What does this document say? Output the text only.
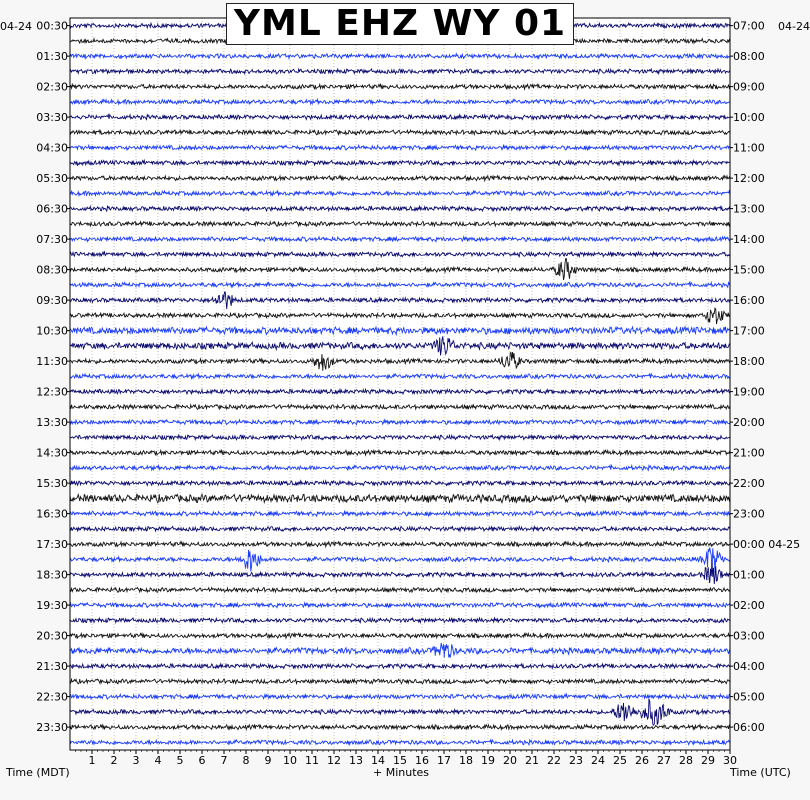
00:30
01:30
02:30
03:30
04:30
05:30
06:30
07:30
08:30
09:30
10:30
11:30
12:30
13:30
14:30
15:30
16:30
17:30
18:30
19:30
20:30
21:30
22:30
23:30
07:00
08:00
09:00
10:00
11:00
12:00
13:00
14:00
15:00
16:00
17:00
18:00
19:00
20:00
21:00
22:00
23:00
00:00 04-25
01:00
02:00
03:00
04:00
05:00
06:00
1 2 3 4 5 6 7 8 9 10 11 12 13 14 15 16 17 18 19 20 21 22 23 24 25 26 27 28 29 30
YML EHZ WY 01
04-24	04-24
Time (MDT)	+ Minutes	Time (UTC)
